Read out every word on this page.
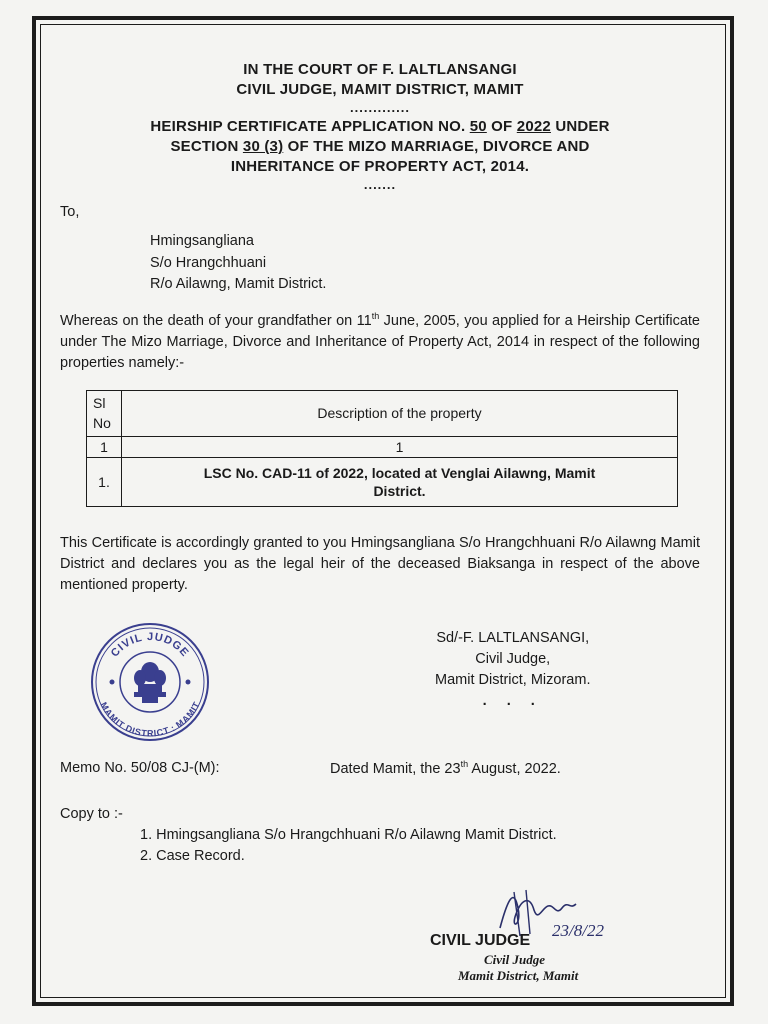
IN THE COURT OF F. LALTLANSANGI
CIVIL JUDGE, MAMIT DISTRICT, MAMIT
.............
HEIRSHIP CERTIFICATE APPLICATION NO. 50 OF 2022 UNDER
SECTION 30 (3) OF THE MIZO MARRIAGE, DIVORCE AND
INHERITANCE OF PROPERTY ACT, 2014.
.......
To,
Hmingsangliana
S/o Hrangchhuani
R/o Ailawng, Mamit District.
Whereas on the death of your grandfather on 11th June, 2005, you applied for a Heirship Certificate under The Mizo Marriage, Divorce and Inheritance of Property Act, 2014 in respect of the following properties namely:-
Sl No	Description of the property
1	1
1.	LSC No. CAD-11 of 2022, located at Venglai Ailawng, Mamit District.
This Certificate is accordingly granted to you Hmingsangliana S/o Hrangchhuani R/o Ailawng Mamit District and declares you as the legal heir of the deceased Biaksanga in respect of the above mentioned property.
CIVIL JUDGE
MAMIT DISTRICT : MAMIT
Sd/-F. LALTLANSANGI,
Civil Judge,
Mamit District, Mizoram.
. . .
Memo No. 50/08 CJ-(M):	Dated Mamit, the 23th August, 2022.
Copy to :-
1. Hmingsangliana S/o Hrangchhuani R/o Ailawng Mamit District.
2. Case Record.
23/8/22
CIVIL JUDGE
Civil Judge
Mamit District, Mamit
